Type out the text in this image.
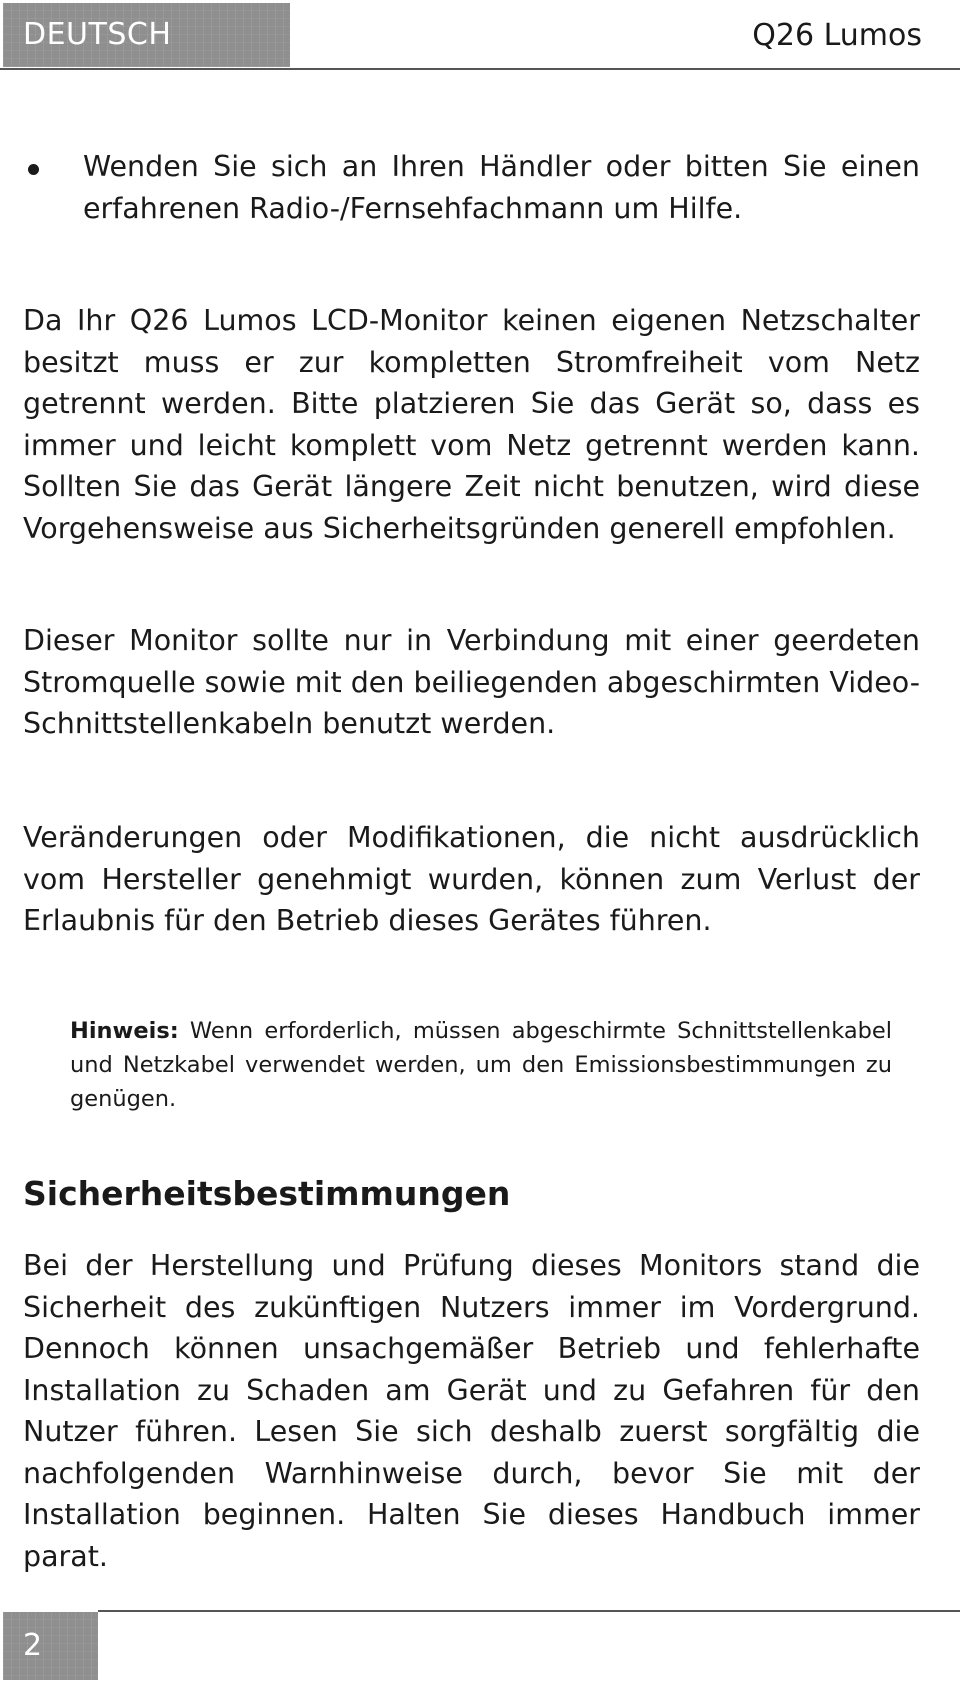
DEUTSCH	Q26 Lumos
Wenden Sie sich an Ihren Händler oder bitten Sie einen erfahrenen Radio-/Fernsehfachmann um Hilfe.
Da Ihr Q26 Lumos LCD-Monitor keinen eigenen Netzschalter besitzt muss er zur kompletten Stromfreiheit vom Netz getrennt werden. Bitte platzieren Sie das Gerät so, dass es immer und leicht komplett vom Netz getrennt werden kann. Sollten Sie das Gerät längere Zeit nicht benutzen, wird diese Vorgehensweise aus Sicherheitsgründen generell empfohlen.
Dieser Monitor sollte nur in Verbindung mit einer geerdeten Stromquelle sowie mit den beiliegenden abgeschirmten Video-Schnittstellenkabeln benutzt werden.
Veränderungen oder Modifikationen, die nicht ausdrücklich vom Hersteller genehmigt wurden, können zum Verlust der Erlaubnis für den Betrieb dieses Gerätes führen.
Hinweis: Wenn erforderlich, müssen abgeschirmte Schnittstellenkabel und Netzkabel verwendet werden, um den Emissionsbestimmungen zu genügen.
Sicherheitsbestimmungen
Bei der Herstellung und Prüfung dieses Monitors stand die Sicherheit des zukünftigen Nutzers immer im Vordergrund. Dennoch können unsachgemäßer Betrieb und fehlerhafte Installation zu Schaden am Gerät und zu Gefahren für den Nutzer führen. Lesen Sie sich deshalb zuerst sorgfältig die nachfolgenden Warnhinweise durch, bevor Sie mit der Installation beginnen. Halten Sie dieses Handbuch immer parat.
2
